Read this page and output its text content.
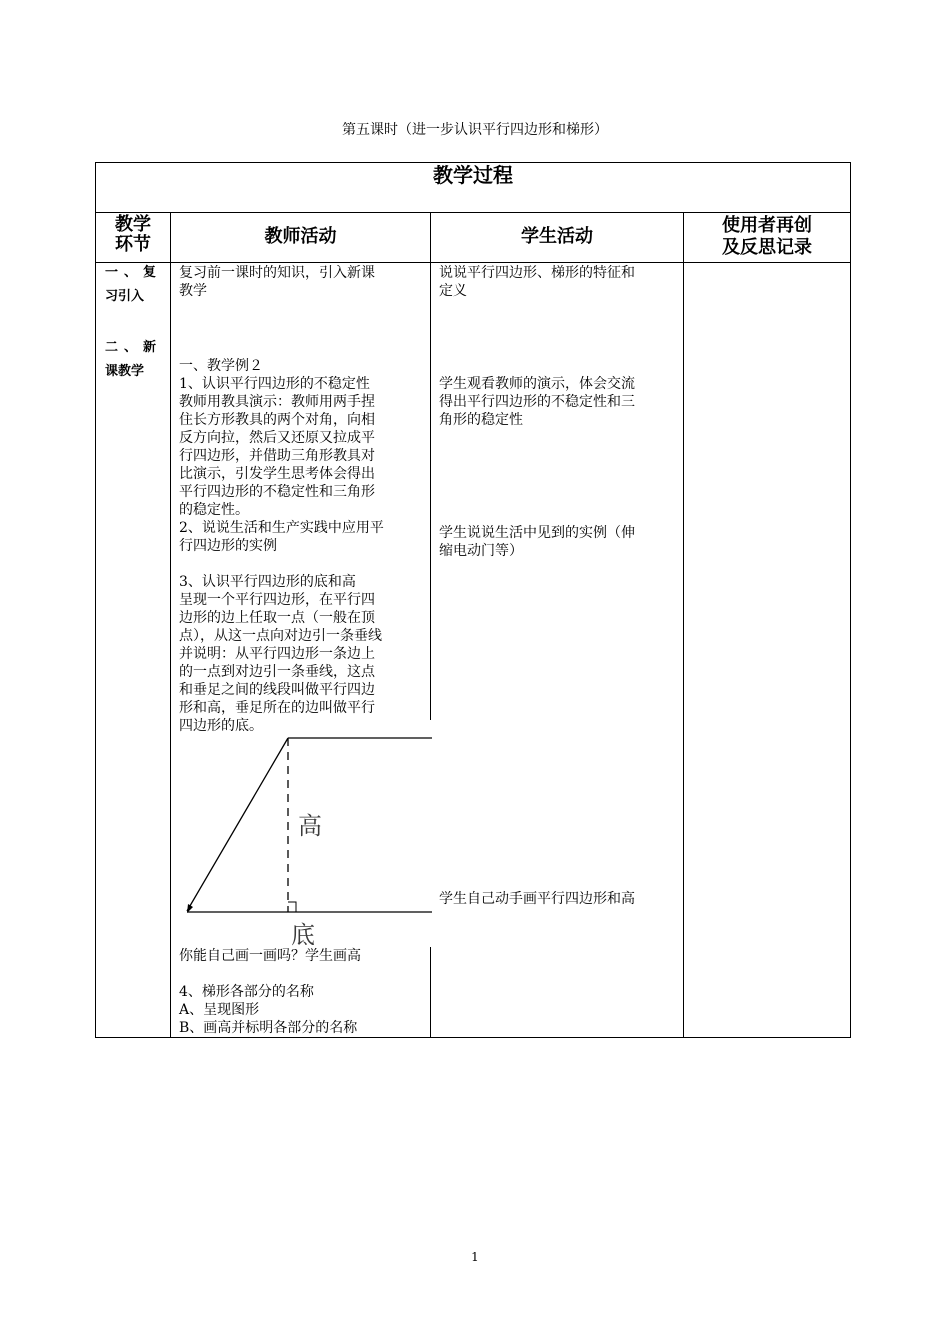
第五课时（进一步认识平行四边形和梯形）
教学过程
教学
环节	教师活动	学生活动
使用者再创
及反思记录
一、复
习引入
二、新
课教学

复习前一课时的知识，引入新课

教学

一、教学例２

1、认识平行四边形的不稳定性

教师用教具演示：教师用两手捏

住长方形教具的两个对角，向相

反方向拉，然后又还原又拉成平

行四边形，并借助三角形教具对

比演示，引发学生思考体会得出

平行四边形的不稳定性和三角形

的稳定性。

2、说说生活和生产实践中应用平

行四边形的实例

3、认识平行四边形的底和高

呈现一个平行四边形，在平行四

边形的边上任取一点（一般在顶

点），从这一点向对边引一条垂线

并说明：从平行四边形一条边上

的一点到对边引一条垂线，这点

和垂足之间的线段叫做平行四边

形和高，垂足所在的边叫做平行

四边形的底。

高
底

你能自己画一画吗？学生画高

4、梯形各部分的名称

A、呈现图形

B、画高并标明各部分的名称

说说平行四边形、梯形的特征和

定义

学生观看教师的演示，体会交流

得出平行四边形的不稳定性和三

角形的稳定性

学生说说生活中见到的实例（伸

缩电动门等）

学生自己动手画平行四边形和高

1
